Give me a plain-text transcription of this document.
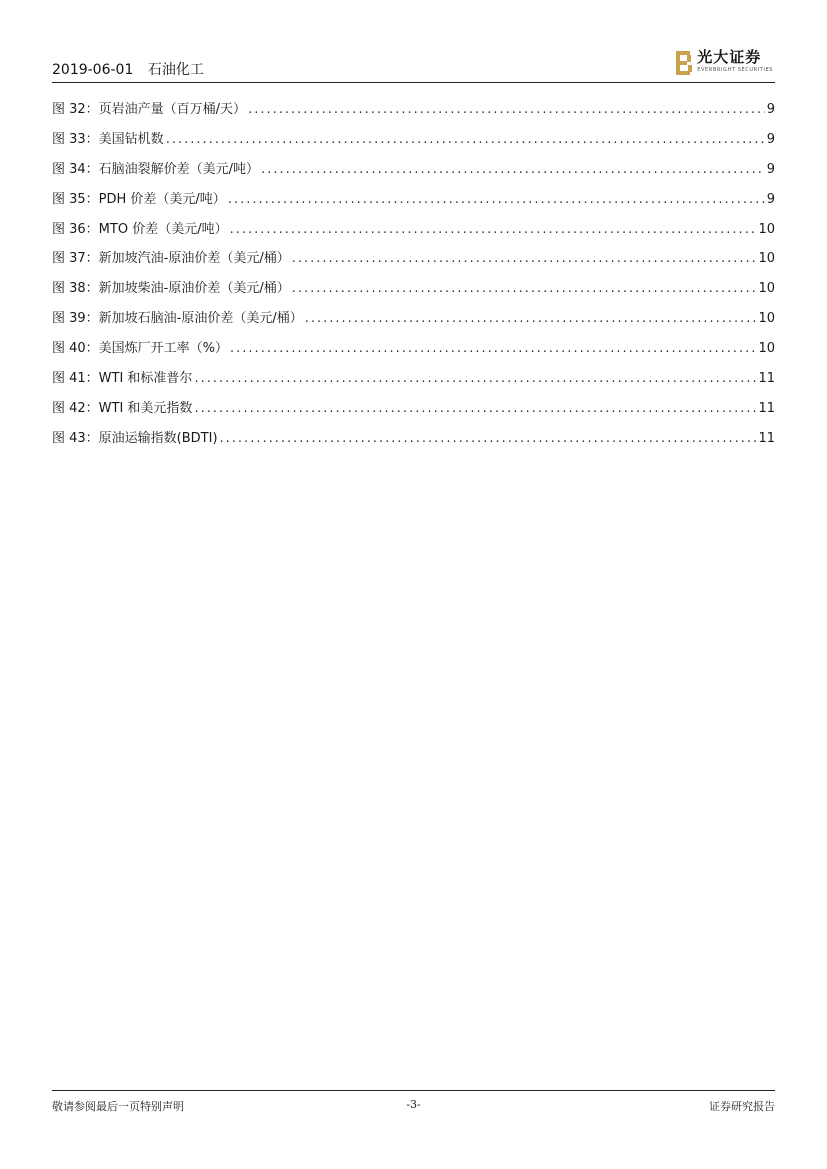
2019-06-01 石油化工
光大证券
EVERBRIGHT SECURITIES
图 32：页岩油产量（百万桶/天） .....	9
图 33：美国钻机数 .....	9
图 34：石脑油裂解价差（美元/吨） .....	9
图 35：PDH 价差（美元/吨） .....	9
图 36：MTO 价差（美元/吨） .....	10
图 37：新加坡汽油-原油价差（美元/桶） .....	10
图 38：新加坡柴油-原油价差（美元/桶） .....	10
图 39：新加坡石脑油-原油价差（美元/桶） .....	10
图 40：美国炼厂开工率（%） .....	10
图 41：WTI 和标准普尔 .....	11
图 42：WTI 和美元指数 .....	11
图 43：原油运输指数(BDTI) .....	11
敬请参阅最后一页特别声明	-3-	证券研究报告
